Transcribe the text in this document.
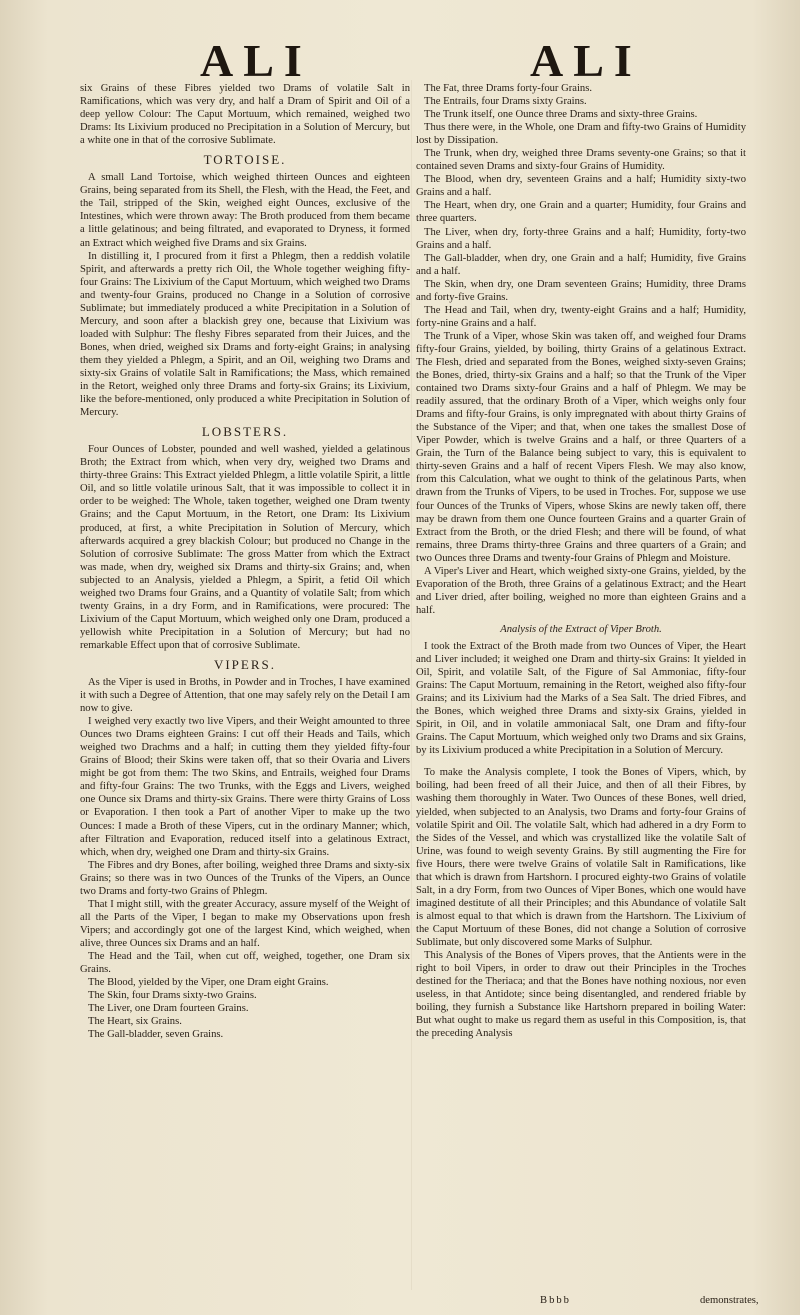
ALI	ALI

six Grains of these Fibres yielded two Drams of volatile Salt in Ramifications, which was very dry, and half a Dram of Spirit and Oil of a deep yellow Colour: The Caput Mortuum, which remained, weighed two Drams: Its Lixivium produced no Precipitation in a Solution of Mercury, but a white one in that of the corrosive Sublimate.

TORTOISE.

A small Land Tortoise, which weighed thirteen Ounces and eighteen Grains, being separated from its Shell, the Flesh, with the Head, the Feet, and the Tail, stripped of the Skin, weighed eight Ounces, exclusive of the Intestines, which were thrown away: The Broth produced from them became a little gelatinous; and being filtrated, and evaporated to Dryness, it formed an Extract which weighed five Drams and six Grains.

In distilling it, I procured from it first a Phlegm, then a reddish volatile Spirit, and afterwards a pretty rich Oil, the Whole together weighing fifty-four Grains: The Lixivium of the Caput Mortuum, which weighed two Drams and twenty-four Grains, produced no Change in a Solution of corrosive Sublimate; but immediately produced a white Precipitation in a Solution of Mercury, and soon after a blackish grey one, because that Lixivium was loaded with Sulphur: The fleshy Fibres separated from their Juices, and the Bones, when dried, weighed six Drams and forty-eight Grains; in analysing them they yielded a Phlegm, a Spirit, and an Oil, weighing two Drams and sixty-six Grains of volatile Salt in Ramifications; the Mass, which remained in the Retort, weighed only three Drams and forty-six Grains; its Lixivium, like the before-mentioned, only produced a white Precipitation in Solution of Mercury.

LOBSTERS.

Four Ounces of Lobster, pounded and well washed, yielded a gelatinous Broth; the Extract from which, when very dry, weighed two Drams and thirty-three Grains: This Extract yielded Phlegm, a little volatile Spirit, a little Oil, and so little volatile urinous Salt, that it was impossible to collect it in order to be weighed: The Whole, taken together, weighed one Dram twenty Grains; and the Caput Mortuum, in the Retort, one Dram: Its Lixivium produced, at first, a white Precipitation in Solution of Mercury, which afterwards acquired a grey blackish Colour; but produced no Change in the Solution of corrosive Sublimate: The gross Matter from which the Extract was made, when dry, weighed six Drams and thirty-six Grains; and, when subjected to an Analysis, yielded a Phlegm, a Spirit, a fetid Oil which weighed two Drams four Grains, and a Quantity of volatile Salt; from which twenty Grains, in a dry Form, and in Ramifications, were procured: The Lixivium of the Caput Mortuum, which weighed only one Dram, produced a yellowish white Precipitation in a Solution of Mercury; but had no remarkable Effect upon that of corrosive Sublimate.

VIPERS.

As the Viper is used in Broths, in Powder and in Troches, I have examined it with such a Degree of Attention, that one may safely rely on the Detail I am now to give.

I weighed very exactly two live Vipers, and their Weight amounted to three Ounces two Drams eighteen Grains: I cut off their Heads and Tails, which weighed two Drachms and a half; in cutting them they yielded fifty-four Grains of Blood; their Skins were taken off, that so their Ovaria and Livers might be got from them: The two Skins, and Entrails, weighed four Drams and fifty-four Grains: The two Trunks, with the Eggs and Livers, weighed one Ounce six Drams and thirty-six Grains. There were thirty Grains of Loss or Evaporation. I then took a Part of another Viper to make up the two Ounces: I made a Broth of these Vipers, cut in the ordinary Manner; which, after Filtration and Evaporation, reduced itself into a gelatinous Extract, which, when dry, weighed one Dram and thirty-six Grains.

The Fibres and dry Bones, after boiling, weighed three Drams and sixty-six Grains; so there was in two Ounces of the Trunks of the Vipers, an Ounce two Drams and forty-two Grains of Phlegm.

That I might still, with the greater Accuracy, assure myself of the Weight of all the Parts of the Viper, I began to make my Observations upon fresh Vipers; and accordingly got one of the largest Kind, which weighed, when alive, three Ounces six Drams and an half.

The Head and the Tail, when cut off, weighed, together, one Dram six Grains.

The Blood, yielded by the Viper, one Dram eight Grains.

The Skin, four Drams sixty-two Grains.

The Liver, one Dram fourteen Grains.

The Heart, six Grains.

The Gall-bladder, seven Grains.

The Fat, three Drams forty-four Grains.

The Entrails, four Drams sixty Grains.

The Trunk itself, one Ounce three Drams and sixty-three Grains.

Thus there were, in the Whole, one Dram and fifty-two Grains of Humidity lost by Dissipation.

The Trunk, when dry, weighed three Drams seventy-one Grains; so that it contained seven Drams and sixty-four Grains of Humidity.

The Blood, when dry, seventeen Grains and a half; Humidity sixty-two Grains and a half.

The Heart, when dry, one Grain and a quarter; Humidity, four Grains and three quarters.

The Liver, when dry, forty-three Grains and a half; Humidity, forty-two Grains and a half.

The Gall-bladder, when dry, one Grain and a half; Humidity, five Grains and a half.

The Skin, when dry, one Dram seventeen Grains; Humidity, three Drams and forty-five Grains.

The Head and Tail, when dry, twenty-eight Grains and a half; Humidity, forty-nine Grains and a half.

The Trunk of a Viper, whose Skin was taken off, and weighed four Drams fifty-four Grains, yielded, by boiling, thirty Grains of a gelatinous Extract. The Flesh, dried and separated from the Bones, weighed sixty-seven Grains; the Bones, dried, thirty-six Grains and a half; so that the Trunk of the Viper contained two Drams sixty-four Grains and a half of Phlegm. We may be readily assured, that the ordinary Broth of a Viper, which weighs only four Drams and fifty-four Grains, is only impregnated with about thirty Grains of the Substance of the Viper; and that, when one takes the smallest Dose of Viper Powder, which is twelve Grains and a half, or three Quarters of a Grain, the Turn of the Balance being subject to vary, this is equivalent to thirty-seven Grains and a half of recent Vipers Flesh. We may also know, from this Calculation, what we ought to think of the gelatinous Parts, when drawn from the Trunks of Vipers, to be used in Troches. For, suppose we use four Ounces of the Trunks of Vipers, whose Skins are newly taken off, there may be drawn from them one Ounce fourteen Grains and a quarter Grain of Extract from the Broth, or the dried Flesh; and there will be found, of what remains, three Drams thirty-three Grains and three quarters of a Grain; and two Ounces three Drams and twenty-four Grains of Phlegm and Moisture.

A Viper's Liver and Heart, which weighed sixty-one Grains, yielded, by the Evaporation of the Broth, three Grains of a gelatinous Extract; and the Heart and Liver dried, after boiling, weighed no more than eighteen Grains and a half.

Analysis of the Extract of Viper Broth.

I took the Extract of the Broth made from two Ounces of Viper, the Heart and Liver included; it weighed one Dram and thirty-six Grains: It yielded in Oil, Spirit, and volatile Salt, of the Figure of Sal Ammoniac, fifty-four Grains: The Caput Mortuum, remaining in the Retort, weighed also fifty-four Grains; and its Lixivium had the Marks of a Sea Salt. The dried Fibres, and the Bones, which weighed three Drams and sixty-six Grains, yielded in Spirit, in Oil, and in volatile ammoniacal Salt, one Dram and fifty-four Grains. The Caput Mortuum, which weighed only two Drams and six Grains, by its Lixivium produced a white Precipitation in a Solution of Mercury.

To make the Analysis complete, I took the Bones of Vipers, which, by boiling, had been freed of all their Juice, and then of all their Fibres, by washing them thoroughly in Water. Two Ounces of these Bones, well dried, yielded, when subjected to an Analysis, two Drams and forty-four Grains of volatile Spirit and Oil. The volatile Salt, which had adhered in a dry Form to the Sides of the Vessel, and which was crystallized like the volatile Salt of Urine, was found to weigh seventy Grains. By still augmenting the Fire for five Hours, there were twelve Grains of volatile Salt in Ramifications, like that which is drawn from Hartshorn. I procured eighty-two Grains of volatile Salt, in a dry Form, from two Ounces of Viper Bones, which one would have imagined destitute of all their Principles; and this Abundance of volatile Salt is almost equal to that which is drawn from the Hartshorn. The Lixivium of the Caput Mortuum of these Bones, did not change a Solution of corrosive Sublimate, but only discovered some Marks of Sulphur.

This Analysis of the Bones of Vipers proves, that the Antients were in the right to boil Vipers, in order to draw out their Principles in the Troches destined for the Theriaca; and that the Bones have nothing noxious, nor even useless, in that Antidote; since being disentangled, and rendered friable by boiling, they furnish a Substance like Hartshorn prepared in boiling Water: But what ought to make us regard them as useful in this Composition, is, that the preceding Analysis

Bbbb	demonstrates,
